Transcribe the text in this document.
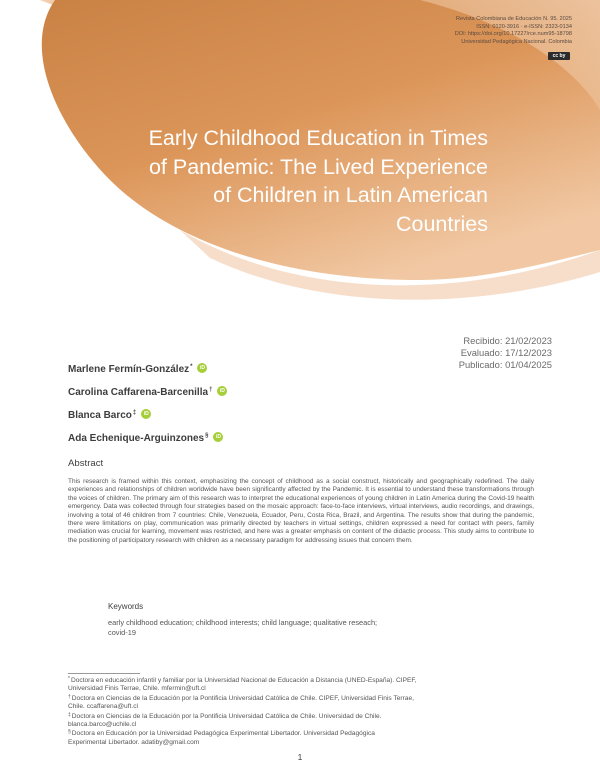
Revista Colombiana de Educación N. 95. 2025
ISSN: 0120-3916 · e-ISSN: 2323-0134
DOI: https://doi.org/10.17227/rce.num95-18798
Universidad Pedagógica Nacional. Colombia
cc by
Early Childhood Education in Times
of Pandemic: The Lived Experience
of Children in Latin American
Countries
Recibido: 21/02/2023
Evaluado: 17/12/2023
Publicado: 01/04/2025
Marlene Fermín-González*	iD
Carolina Caffarena-Barcenilla†	iD
Blanca Barco‡	iD
Ada Echenique-Arguinzones§	iD
Abstract

This research is framed within this context, emphasizing the concept of childhood as a social construct, historically and geographically redefined. The daily experiences and relationships of children worldwide have been significantly affected by the Pandemic. It is essential to understand these transformations through the voices of children. The primary aim of this research was to interpret the educational experiences of young children in Latin America during the Covid-19 health emergency. Data was collected through four strategies based on the mosaic approach: face-to-face interviews, virtual interviews, audio recordings, and drawings, involving a total of 46 children from 7 countries: Chile, Venezuela, Ecuador, Peru, Costa Rica, Brazil, and Argentina. The results show that during the pandemic, there were limitations on play, communication was primarily directed by teachers in virtual settings, children expressed a need for contact with peers, family mediation was crucial for learning, movement was restricted, and here was a greater emphasis on content of the didactic process. This study aims to contribute to the positioning of participatory research with children as a necessary paradigm for addressing issues that concern them.

Keywords

early childhood education; childhood interests; child language; qualitative reseach;
covid-19

*Doctora en educación infantil y familiar por la Universidad Nacional de Educación a Distancia (UNED-España). CIPEF,
Universidad Finis Terrae, Chile. mfermin@uft.cl
†Doctora en Ciencias de la Educación por la Pontificia Universidad Católica de Chile. CIPEF, Universidad Finis Terrae,
Chile. ccaffarena@uft.cl
‡Doctora en Ciencias de la Educación por la Pontificia Universidad Católica de Chile. Universidad de Chile.
blanca.barco@uchile.cl
§Doctora en Educación por la Universidad Pedagógica Experimental Libertador. Universidad Pedagógica
Experimental Libertador. adatiby@gmail.com
1
